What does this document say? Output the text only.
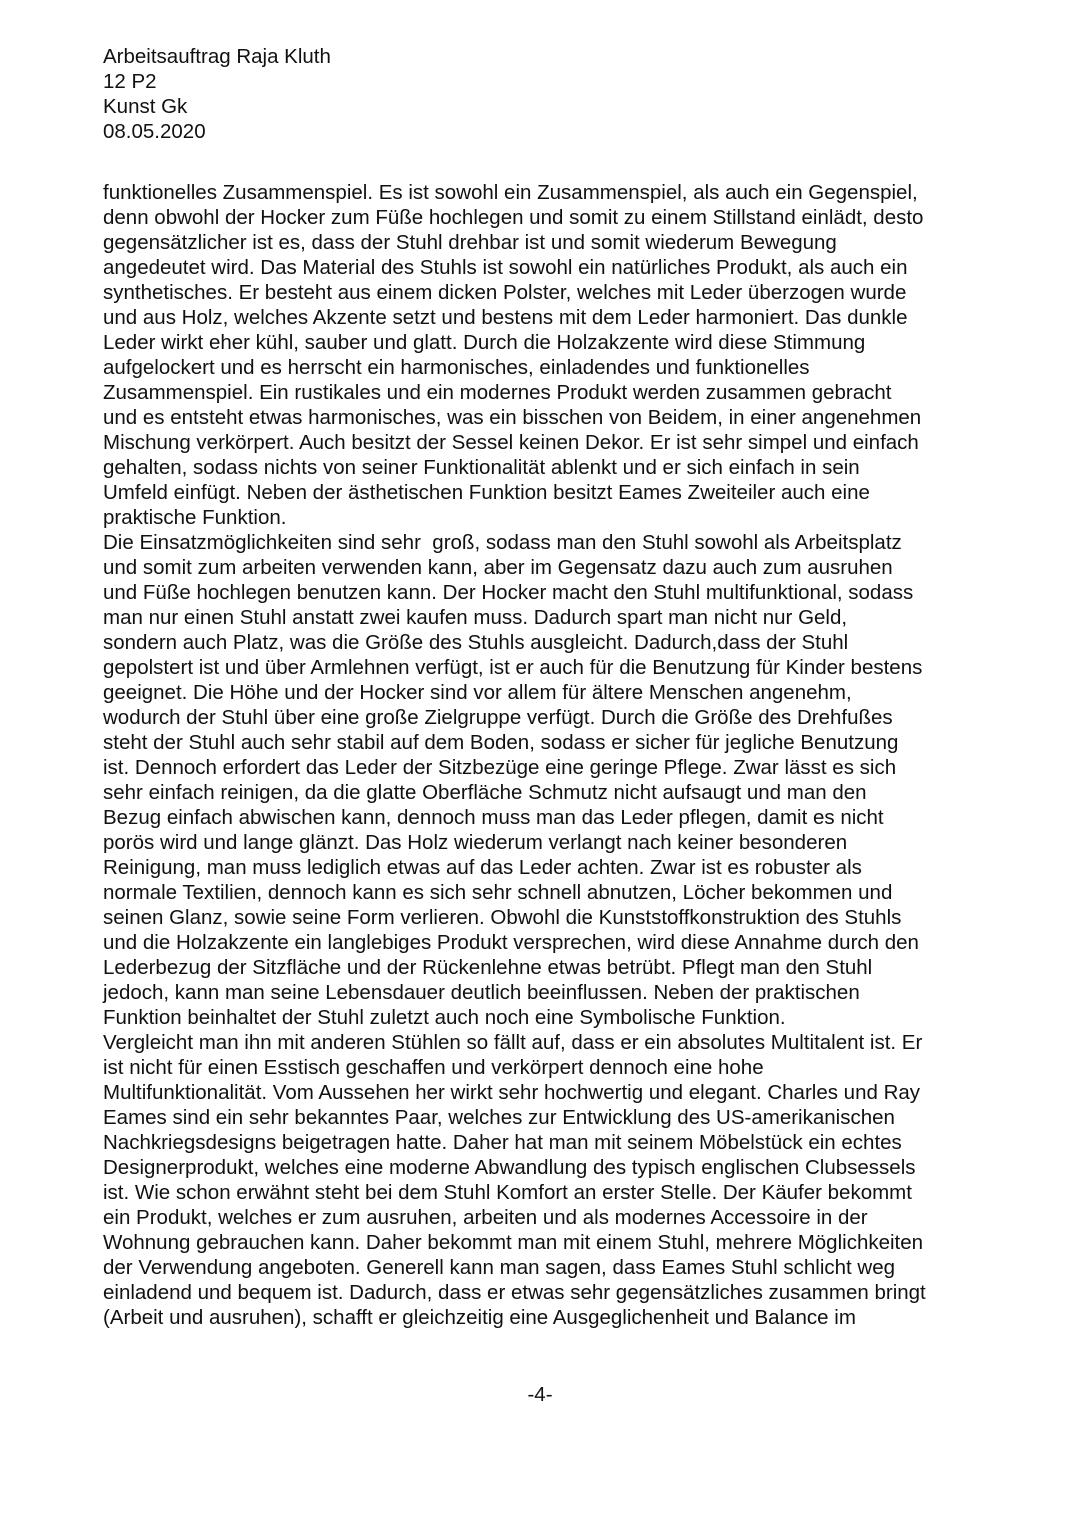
Arbeitsauftrag Raja Kluth
12 P2
Kunst Gk
08.05.2020
funktionelles Zusammenspiel. Es ist sowohl ein Zusammenspiel, als auch ein Gegenspiel,
denn obwohl der Hocker zum Füße hochlegen und somit zu einem Stillstand einlädt, desto
gegensätzlicher ist es, dass der Stuhl drehbar ist und somit wiederum Bewegung
angedeutet wird. Das Material des Stuhls ist sowohl ein natürliches Produkt, als auch ein
synthetisches. Er besteht aus einem dicken Polster, welches mit Leder überzogen wurde
und aus Holz, welches Akzente setzt und bestens mit dem Leder harmoniert. Das dunkle
Leder wirkt eher kühl, sauber und glatt. Durch die Holzakzente wird diese Stimmung
aufgelockert und es herrscht ein harmonisches, einladendes und funktionelles
Zusammenspiel. Ein rustikales und ein modernes Produkt werden zusammen gebracht
und es entsteht etwas harmonisches, was ein bisschen von Beidem, in einer angenehmen
Mischung verkörpert. Auch besitzt der Sessel keinen Dekor. Er ist sehr simpel und einfach
gehalten, sodass nichts von seiner Funktionalität ablenkt und er sich einfach in sein
Umfeld einfügt. Neben der ästhetischen Funktion besitzt Eames Zweiteiler auch eine
praktische Funktion.
Die Einsatzmöglichkeiten sind sehr  groß, sodass man den Stuhl sowohl als Arbeitsplatz
und somit zum arbeiten verwenden kann, aber im Gegensatz dazu auch zum ausruhen
und Füße hochlegen benutzen kann. Der Hocker macht den Stuhl multifunktional, sodass
man nur einen Stuhl anstatt zwei kaufen muss. Dadurch spart man nicht nur Geld,
sondern auch Platz, was die Größe des Stuhls ausgleicht. Dadurch,dass der Stuhl
gepolstert ist und über Armlehnen verfügt, ist er auch für die Benutzung für Kinder bestens
geeignet. Die Höhe und der Hocker sind vor allem für ältere Menschen angenehm,
wodurch der Stuhl über eine große Zielgruppe verfügt. Durch die Größe des Drehfußes
steht der Stuhl auch sehr stabil auf dem Boden, sodass er sicher für jegliche Benutzung
ist. Dennoch erfordert das Leder der Sitzbezüge eine geringe Pflege. Zwar lässt es sich
sehr einfach reinigen, da die glatte Oberfläche Schmutz nicht aufsaugt und man den
Bezug einfach abwischen kann, dennoch muss man das Leder pflegen, damit es nicht
porös wird und lange glänzt. Das Holz wiederum verlangt nach keiner besonderen
Reinigung, man muss lediglich etwas auf das Leder achten. Zwar ist es robuster als
normale Textilien, dennoch kann es sich sehr schnell abnutzen, Löcher bekommen und
seinen Glanz, sowie seine Form verlieren. Obwohl die Kunststoffkonstruktion des Stuhls
und die Holzakzente ein langlebiges Produkt versprechen, wird diese Annahme durch den
Lederbezug der Sitzfläche und der Rückenlehne etwas betrübt. Pflegt man den Stuhl
jedoch, kann man seine Lebensdauer deutlich beeinflussen. Neben der praktischen
Funktion beinhaltet der Stuhl zuletzt auch noch eine Symbolische Funktion.
Vergleicht man ihn mit anderen Stühlen so fällt auf, dass er ein absolutes Multitalent ist. Er
ist nicht für einen Esstisch geschaffen und verkörpert dennoch eine hohe
Multifunktionalität. Vom Aussehen her wirkt sehr hochwertig und elegant. Charles und Ray
Eames sind ein sehr bekanntes Paar, welches zur Entwicklung des US-amerikanischen
Nachkriegsdesigns beigetragen hatte. Daher hat man mit seinem Möbelstück ein echtes
Designerprodukt, welches eine moderne Abwandlung des typisch englischen Clubsessels
ist. Wie schon erwähnt steht bei dem Stuhl Komfort an erster Stelle. Der Käufer bekommt
ein Produkt, welches er zum ausruhen, arbeiten und als modernes Accessoire in der
Wohnung gebrauchen kann. Daher bekommt man mit einem Stuhl, mehrere Möglichkeiten
der Verwendung angeboten. Generell kann man sagen, dass Eames Stuhl schlicht weg
einladend und bequem ist. Dadurch, dass er etwas sehr gegensätzliches zusammen bringt
(Arbeit und ausruhen), schafft er gleichzeitig eine Ausgeglichenheit und Balance im
-4-
